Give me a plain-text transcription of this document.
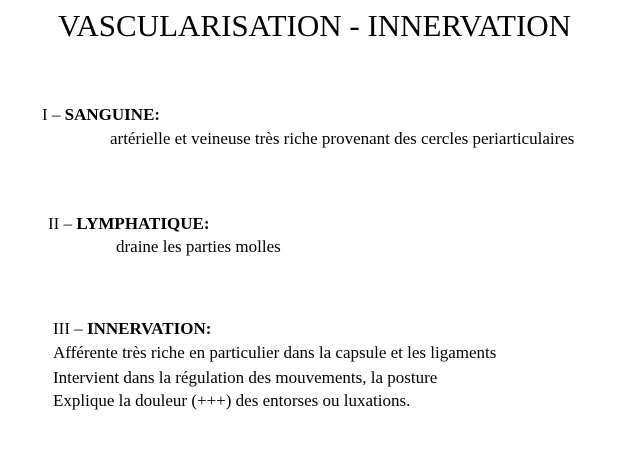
VASCULARISATION - INNERVATION
I – SANGUINE:
artérielle et veineuse très riche provenant des cercles periarticulaires
II – LYMPHATIQUE:
draine les parties molles
III – INNERVATION:
Afférente très riche en particulier dans la capsule et les ligaments
Intervient dans la régulation des mouvements, la posture
Explique la douleur (+++) des entorses ou luxations.
